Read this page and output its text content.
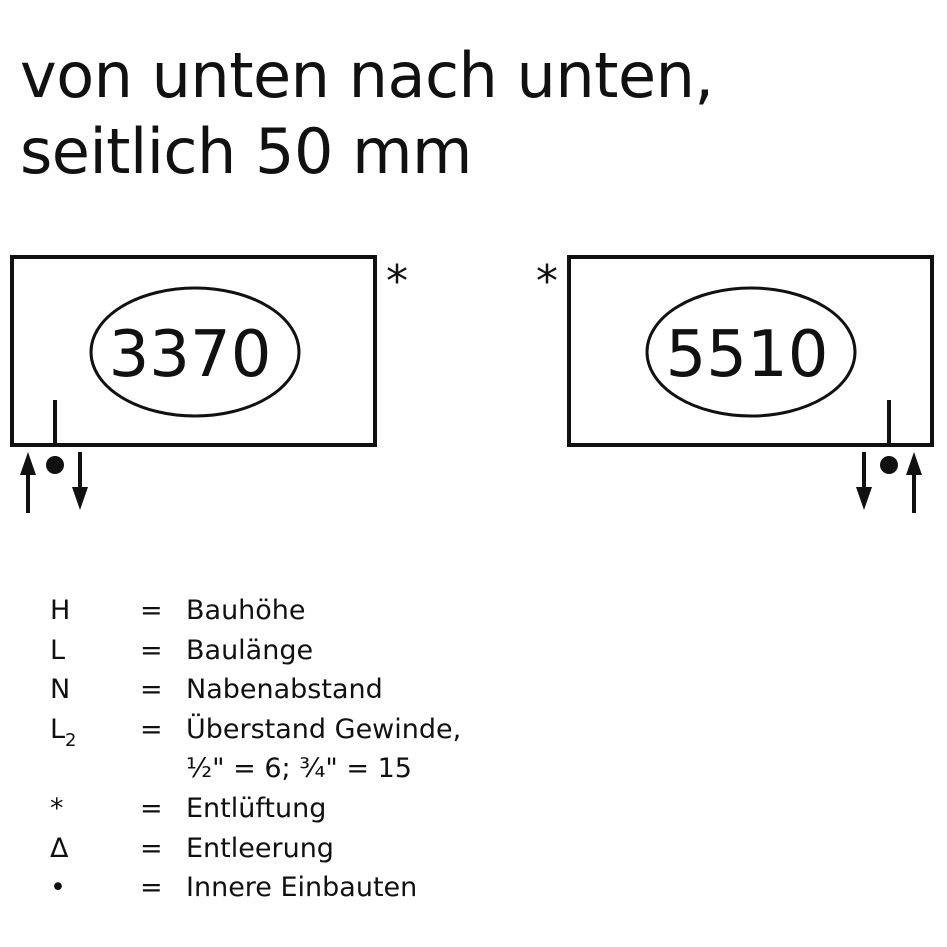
von unten nach unten,
seitlich 50 mm
3370
*
5510
*
H	= Bauhöhe
L	= Baulänge
N	= Nabenabstand
$L_2$	= Überstand Gewinde,
½" = 6; ¾" = 15
*	= Entlüftung
Δ	= Entleerung
•	= Innere Einbauten
